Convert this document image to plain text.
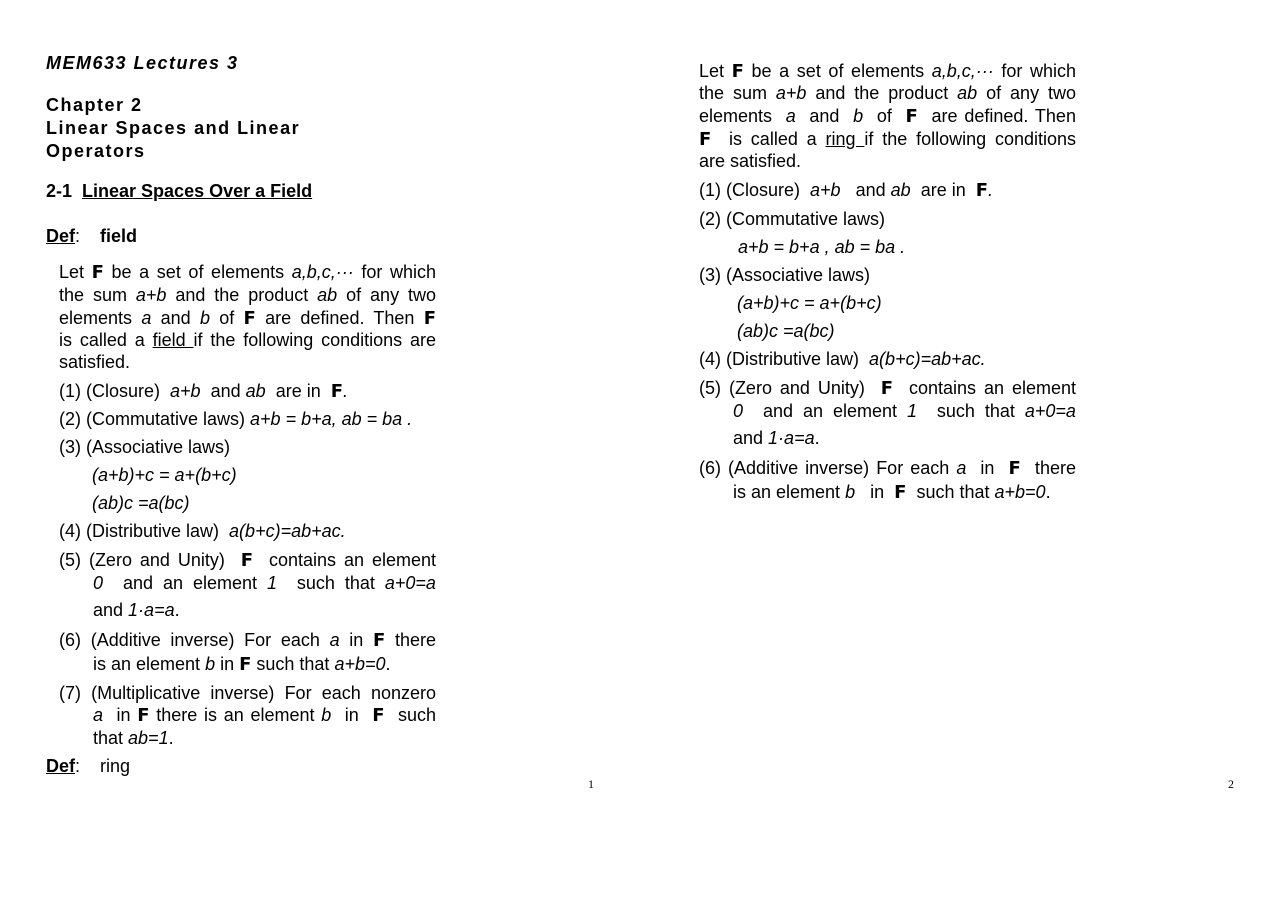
MEM633 Lectures 3
Chapter 2
Linear Spaces and Linear
Operators
2-1 Linear Spaces Over a Field
Def: field
Let F be a set of elements a,b,c,··· for which
the sum a+b and the product ab of any two
elements a and b of F are defined. Then F
is called a field if the following conditions are
satisfied.
(1) (Closure)  a+b  and ab  are in  F.
(2) (Commutative laws) a+b = b+a, ab = ba .
(3) (Associative laws)
(a+b)+c = a+(b+c)
(ab)c =a(bc)
(4) (Distributive law)  a(b+c)=ab+ac.
(5) (Zero and Unity)  F  contains an element
0  and an element 1  such that a+0=a
and 1·a=a.
(6) (Additive inverse) For each a in F there
is an element b in F such that a+b=0.
(7) (Multiplicative inverse) For each nonzero
a  in F there is an element b  in  F  such
that ab=1.
Def: ring
1
Let F be a set of elements a,b,c,··· for which
the sum a+b and the product ab of any two
elements  a  and  b  of  F  are defined. Then
F  is called a ring if the following conditions
are satisfied.
(1) (Closure)  a+b   and ab  are in  F.
(2) (Commutative laws)
a+b = b+a , ab = ba .
(3) (Associative laws)
(a+b)+c = a+(b+c)
(ab)c =a(bc)
(4) (Distributive law)  a(b+c)=ab+ac.
(5) (Zero and Unity)  F  contains an element
0  and an element 1  such that a+0=a
and 1·a=a.
(6) (Additive inverse) For each a  in  F  there
is an element b   in  F  such that a+b=0.
2
